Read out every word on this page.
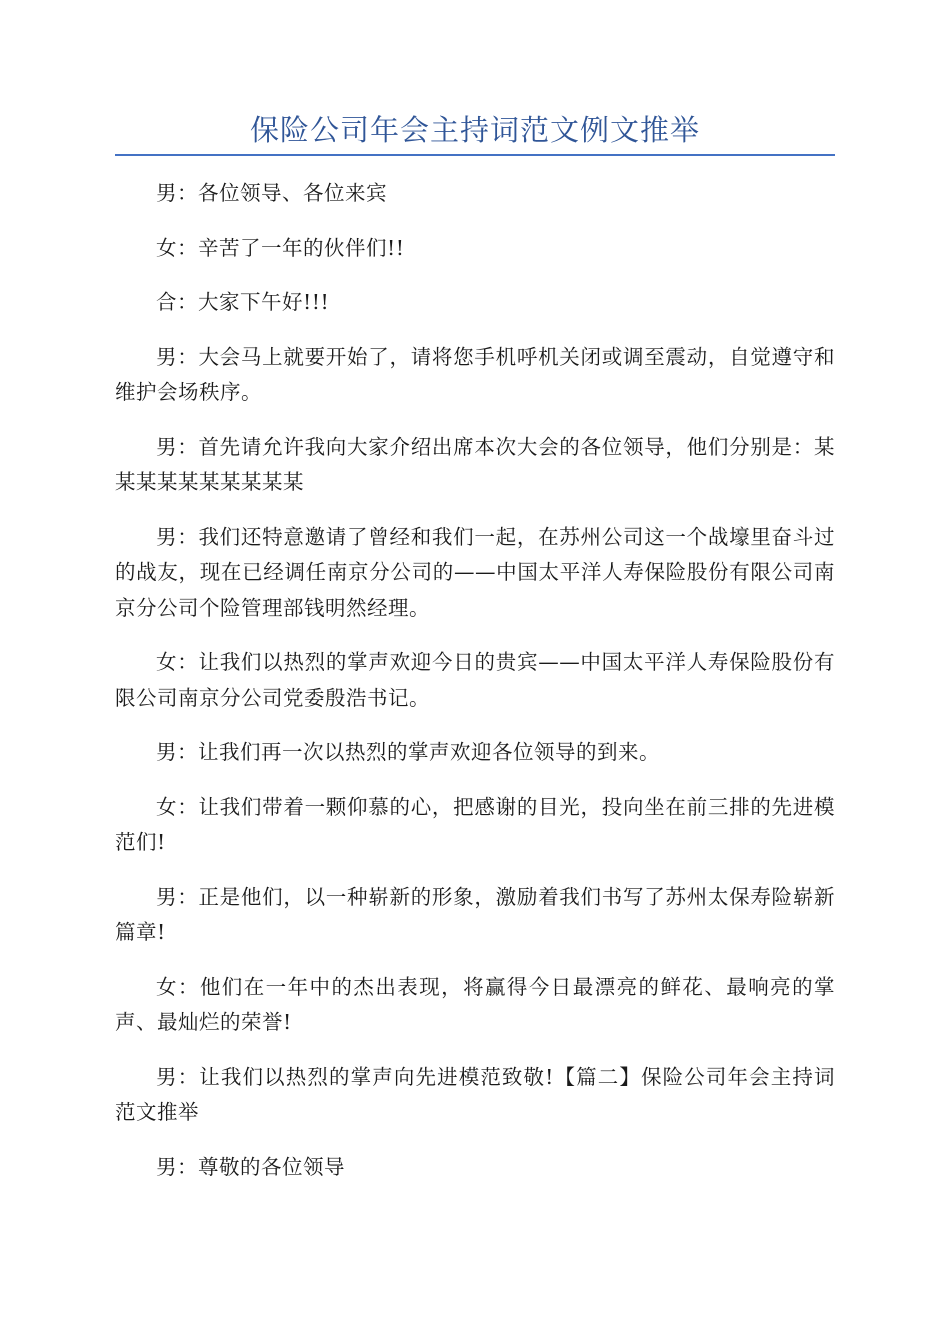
保险公司年会主持词范文例文推举

男：各位领导、各位来宾

女：辛苦了一年的伙伴们!!

合：大家下午好!!!

男：大会马上就要开始了，请将您手机呼机关闭或调至震动，自觉遵守和维护会场秩序。

男：首先请允许我向大家介绍出席本次大会的各位领导，他们分别是：某某某某某某某某某某

男：我们还特意邀请了曾经和我们一起，在苏州公司这一个战壕里奋斗过的战友，现在已经调任南京分公司的——中国太平洋人寿保险股份有限公司南京分公司个险管理部钱明然经理。

女：让我们以热烈的掌声欢迎今日的贵宾——中国太平洋人寿保险股份有限公司南京分公司党委殷浩书记。

男：让我们再一次以热烈的掌声欢迎各位领导的到来。

女：让我们带着一颗仰慕的心，把感谢的目光，投向坐在前三排的先进模范们!

男：正是他们，以一种崭新的形象，激励着我们书写了苏州太保寿险崭新篇章!

女：他们在一年中的杰出表现，将赢得今日最漂亮的鲜花、最响亮的掌声、最灿烂的荣誉!

男：让我们以热烈的掌声向先进模范致敬!【篇二】保险公司年会主持词范文推举

男：尊敬的各位领导
